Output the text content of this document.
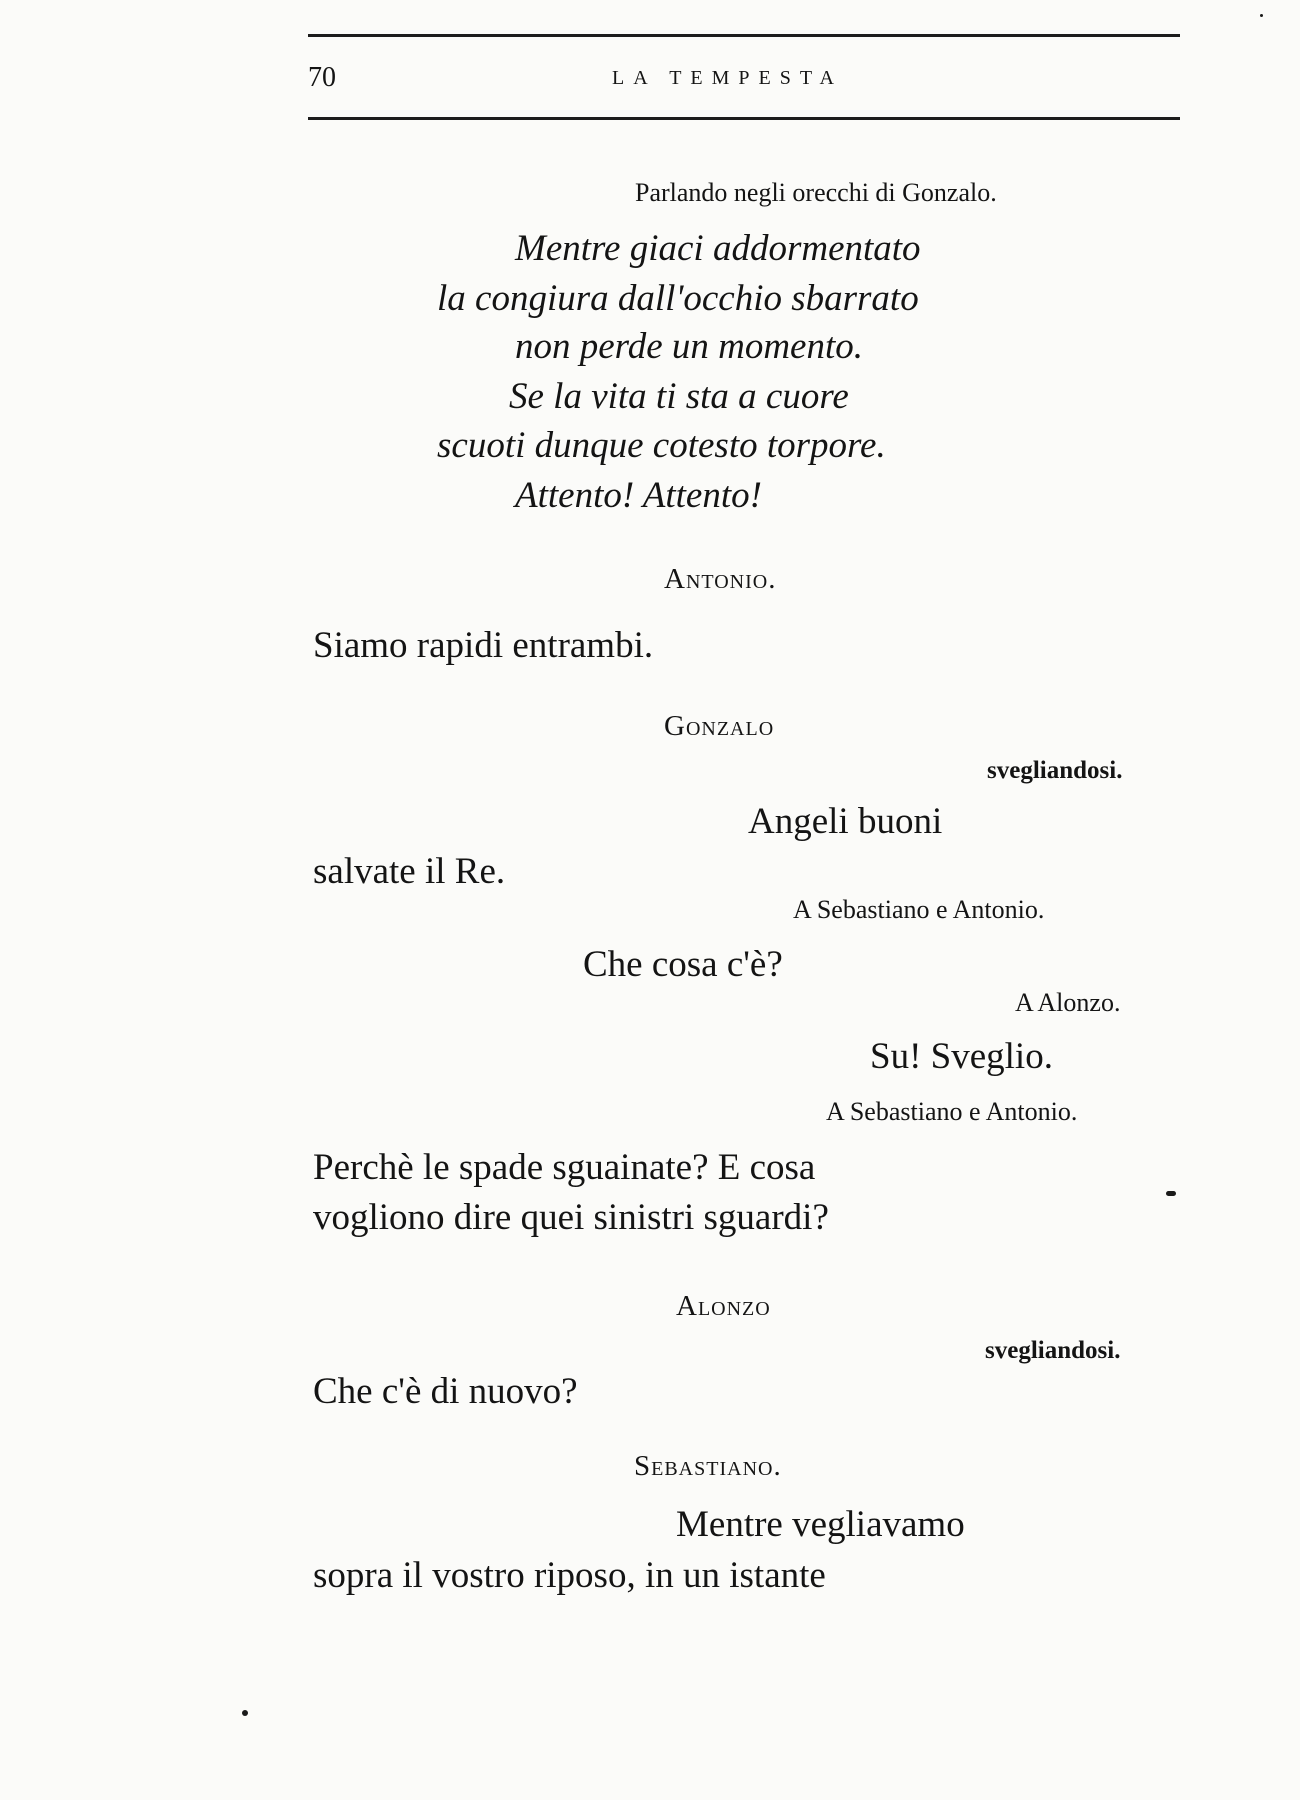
70	LA TEMPESTA
Parlando negli orecchi di Gonzalo.
Mentre giaci addormentato
la congiura dall'occhio sbarrato
non perde un momento.
Se la vita ti sta a cuore
scuoti dunque cotesto torpore.
Attento! Attento!
Antonio.
Siamo rapidi entrambi.
Gonzalo
svegliandosi.
Angeli buoni
salvate il Re.
A Sebastiano e Antonio.
Che cosa c'è?
A Alonzo.
Su! Sveglio.
A Sebastiano e Antonio.
Perchè le spade sguainate? E cosa
vogliono dire quei sinistri sguardi?
Alonzo
svegliandosi.
Che c'è di nuovo?
Sebastiano.
Mentre vegliavamo
sopra il vostro riposo, in un istante
